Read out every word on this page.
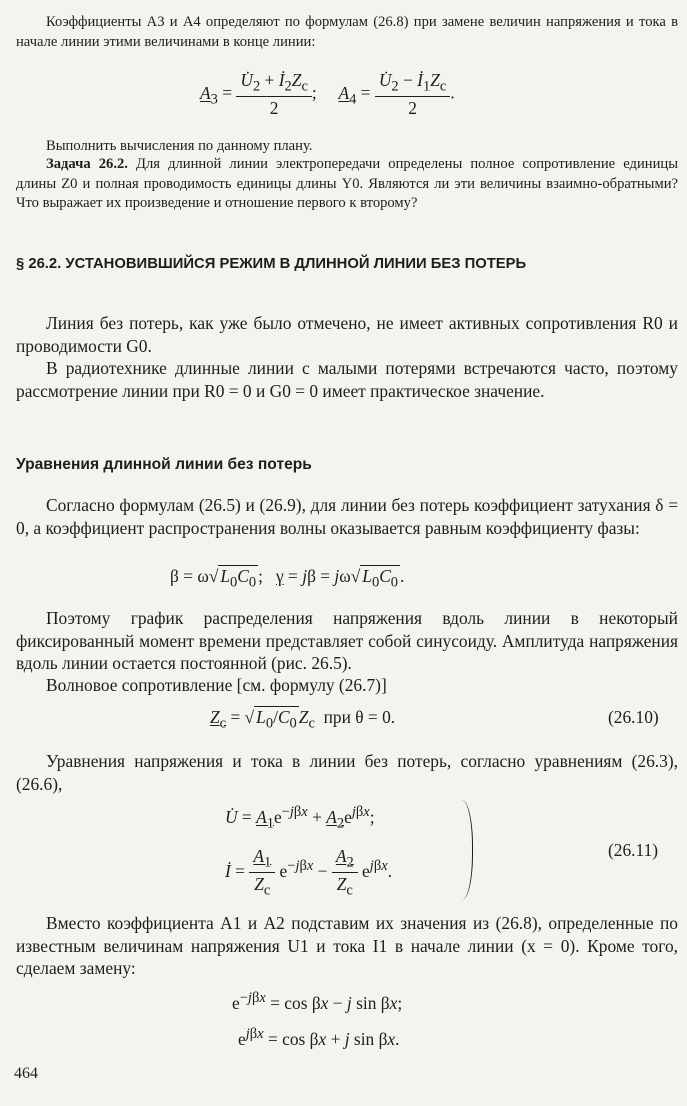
Коэффициенты A3 и A4 определяют по формулам (26.8) при замене величин напряжения и тока в начале линии этими величинами в конце линии:

$A_3 = \frac{U̇_2 + İ_2Z_c}{2}$ ;     $A_4 = \frac{U̇_2 - İ_1Z_c}{2}$ .

Выполнить вычисления по данному плану.

Задача 26.2. Для длинной линии электропередачи определены полное сопротивление единицы длины Z0 и полная проводимость единицы длины Y0. Являются ли эти величины взаимно-обратными? Что выражает их произведение и отношение первого к второму?

§ 26.2. УСТАНОВИВШИЙСЯ РЕЖИМ В ДЛИННОЙ ЛИНИИ БЕЗ ПОТЕРЬ

Линия без потерь, как уже было отмечено, не имеет активных сопротивления R0 и проводимости G0.

В радиотехнике длинные линии с малыми потерями встречаются часто, поэтому рассмотрение линии при R0 = 0 и G0 = 0 имеет практическое значение.

Уравнения длинной линии без потерь

Согласно формулам (26.5) и (26.9), для линии без потерь коэффициент затухания δ = 0, а коэффициент распространения волны оказывается равным коэффициенту фазы:

β = ω√ $L_0C_0$ ;   γ = jβ = jω√ $L_0C_0$ .

Поэтому график распределения напряжения вдоль линии в некоторый фиксированный момент времени представляет собой синусоиду. Амплитуда напряжения вдоль линии остается постоянной (рис. 26.5).

Волновое сопротивление [см. формулу (26.7)]

$Z_c$ = √ $L_0/C_0$ $Z_c$  при θ = 0.	(26.10)

Уравнения напряжения и тока в линии без потерь, согласно уравнениям (26.3), (26.6),

U̇ = $A_1e^{-j\beta x} + A_2e^{j\beta x}$;
İ = $\frac{A_1}{Z_c} e^{-j\beta x} - \frac{A_2}{Z_c} e^{j\beta x}$.
(26.11)

Вместо коэффициента A1 и A2 подставим их значения из (26.8), определенные по известным величинам напряжения U1 и тока I1 в начале линии (x = 0). Кроме того, сделаем замену:

$e^{-j\beta x} = \cos \beta x - j$ sin βx;
$e^{j\beta x} = \cos \beta x + j$ sin βx.
464
